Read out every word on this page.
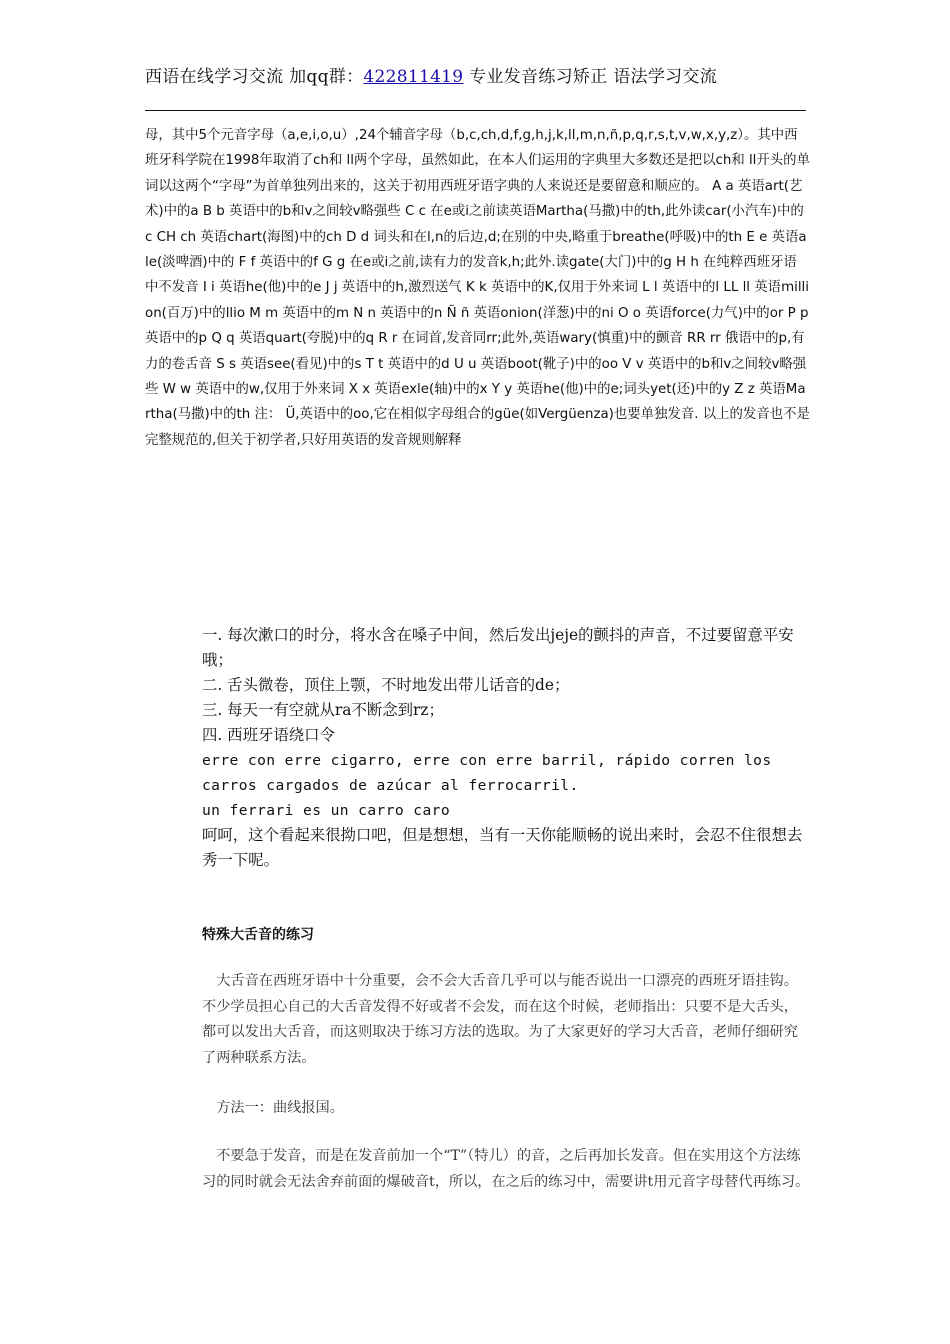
西语在线学习交流 加qq群：422811419 专业发音练习矫正 语法学习交流
母，其中5个元音字母（a,e,i,o,u）,24个辅音字母（b,c,ch,d,f,g,h,j,k,ll,m,n,ñ,p,q,r,s,t,v,w,x,y,z）。其中西班牙科学院在1998年取消了ch和 ll两个字母，虽然如此，在本人们运用的字典里大多数还是把以ch和 ll开头的单词以这两个“字母”为首单独列出来的，这关于初用西班牙语字典的人来说还是要留意和顺应的。 A a 英语art(艺术)中的a B b 英语中的b和v之间较v略强些 C c 在e或i之前读英语Martha(马撒)中的th,此外读car(小汽车)中的c CH ch 英语chart(海图)中的ch D d 词头和在l,n的后边,d;在别的中央,略重于breathe(呼吸)中的th E e 英语ale(淡啤酒)中的 F f 英语中的f G g 在e或i之前,读有力的发音k,h;此外.读gate(大门)中的g H h 在纯粹西班牙语中不发音 I i 英语he(他)中的e J j 英语中的h,激烈送气 K k 英语中的K,仅用于外来词 L l 英语中的l LL ll 英语million(百万)中的llio M m 英语中的m N n 英语中的n Ñ ñ 英语onion(洋葱)中的ni O o 英语force(力气)中的or P p 英语中的p Q q 英语quart(夸脱)中的q R r 在词首,发音同rr;此外,英语wary(慎重)中的颤音 RR rr 俄语中的p,有力的卷舌音 S s 英语see(看见)中的s T t 英语中的d U u 英语boot(靴子)中的oo V v 英语中的b和v之间较v略强些 W w 英语中的w,仅用于外来词 X x 英语exle(轴)中的x Y y 英语he(他)中的e;词头yet(还)中的y Z z 英语Martha(马撒)中的th 注： Ü,英语中的oo,它在相似字母组合的güe(如Vergüenza)也要单独发音. 以上的发音也不是完整规范的,但关于初学者,只好用英语的发音规则解释

一. 每次漱口的时分，将水含在嗓子中间，然后发出jeje的颤抖的声音，不过要留意平安哦；

二. 舌头微卷，顶住上颚，不时地发出带儿话音的de；

三. 每天一有空就从ra不断念到rz；

四. 西班牙语绕口令

erre con erre cigarro, erre con erre barril, rápido corren los carros cargados de azúcar al ferrocarril.

un ferrari es un carro caro

呵呵，这个看起来很拗口吧，但是想想，当有一天你能顺畅的说出来时，会忍不住很想去秀一下呢。

特殊大舌音的练习
　大舌音在西班牙语中十分重要，会不会大舌音几乎可以与能否说出一口漂亮的西班牙语挂钩。不少学员担心自己的大舌音发得不好或者不会发，而在这个时候，老师指出：只要不是大舌头，都可以发出大舌音，而这则取决于练习方法的选取。为了大家更好的学习大舌音，老师仔细研究了两种联系方法。
　方法一：曲线报国。
　不要急于发音，而是在发音前加一个“T”（特儿）的音，之后再加长发音。但在实用这个方法练习的同时就会无法舍弃前面的爆破音t，所以，在之后的练习中，需要讲t用元音字母替代再练习。
